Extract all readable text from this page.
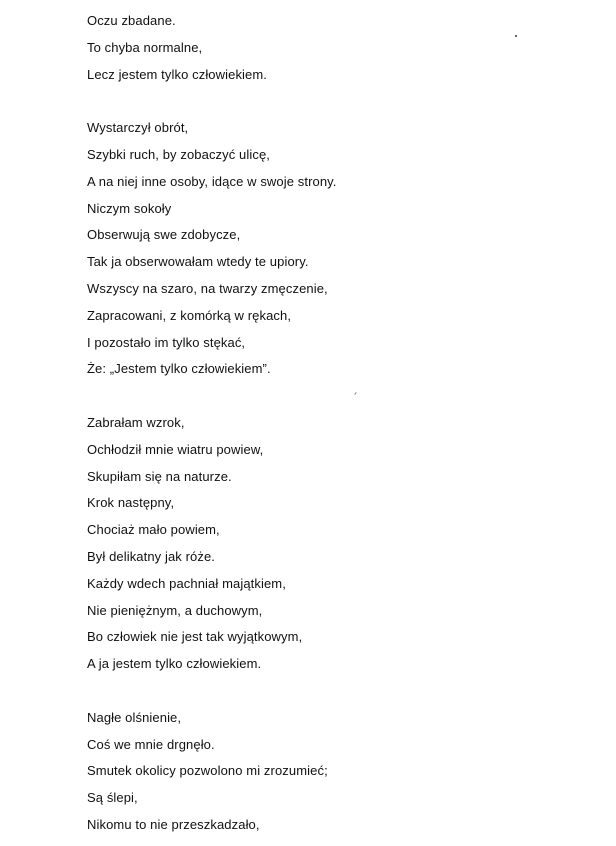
Oczu zbadane.
To chyba normalne,
Lecz jestem tylko człowiekiem.
Wystarczył obrót,
Szybki ruch, by zobaczyć ulicę,
A na niej inne osoby, idące w swoje strony.
Niczym sokoły
Obserwują swe zdobycze,
Tak ja obserwowałam wtedy te upiory.
Wszyscy na szaro, na twarzy zmęczenie,
Zapracowani, z komórką w rękach,
I pozostało im tylko stękać,
Że: „Jestem tylko człowiekiem”.
Zabrałam wzrok,
Ochłodził mnie wiatru powiew,
Skupiłam się na naturze.
Krok następny,
Chociaż mało powiem,
Był delikatny jak róże.
Każdy wdech pachniał majątkiem,
Nie pieniężnym, a duchowym,
Bo człowiek nie jest tak wyjątkowym,
A ja jestem tylko człowiekiem.
Nagłe olśnienie,
Coś we mnie drgnęło.
Smutek okolicy pozwolono mi zrozumieć;
Są ślepi,
Nikomu to nie przeszkadzało,
